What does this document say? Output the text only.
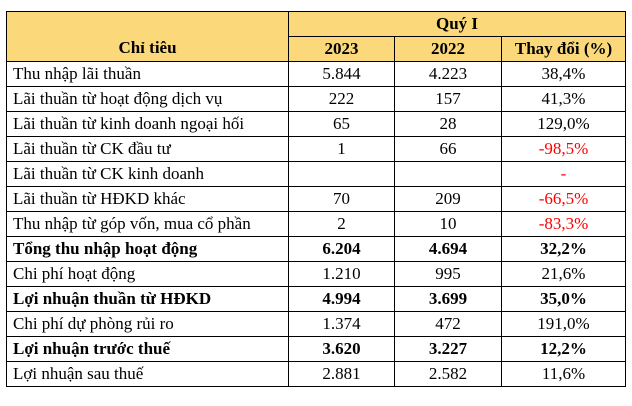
Chỉ tiêu	Quý I		
	2023	2022	Thay đổi (%)
Thu nhập lãi thuần	5.844	4.223	38,4%
Lãi thuần từ hoạt động dịch vụ	222	157	41,3%
Lãi thuần từ kinh doanh ngoại hối	65	28	129,0%
Lãi thuần từ CK đầu tư	1	66	-98,5%
Lãi thuần từ CK kinh doanh			-
Lãi thuần từ HĐKD khác	70	209	-66,5%
Thu nhập từ góp vốn, mua cổ phần	2	10	-83,3%
Tổng thu nhập hoạt động	6.204	4.694	32,2%
Chi phí hoạt động	1.210	995	21,6%
Lợi nhuận thuần từ HĐKD	4.994	3.699	35,0%
Chi phí dự phòng rủi ro	1.374	472	191,0%
Lợi nhuận trước thuế	3.620	3.227	12,2%
Lợi nhuận sau thuế	2.881	2.582	11,6%
